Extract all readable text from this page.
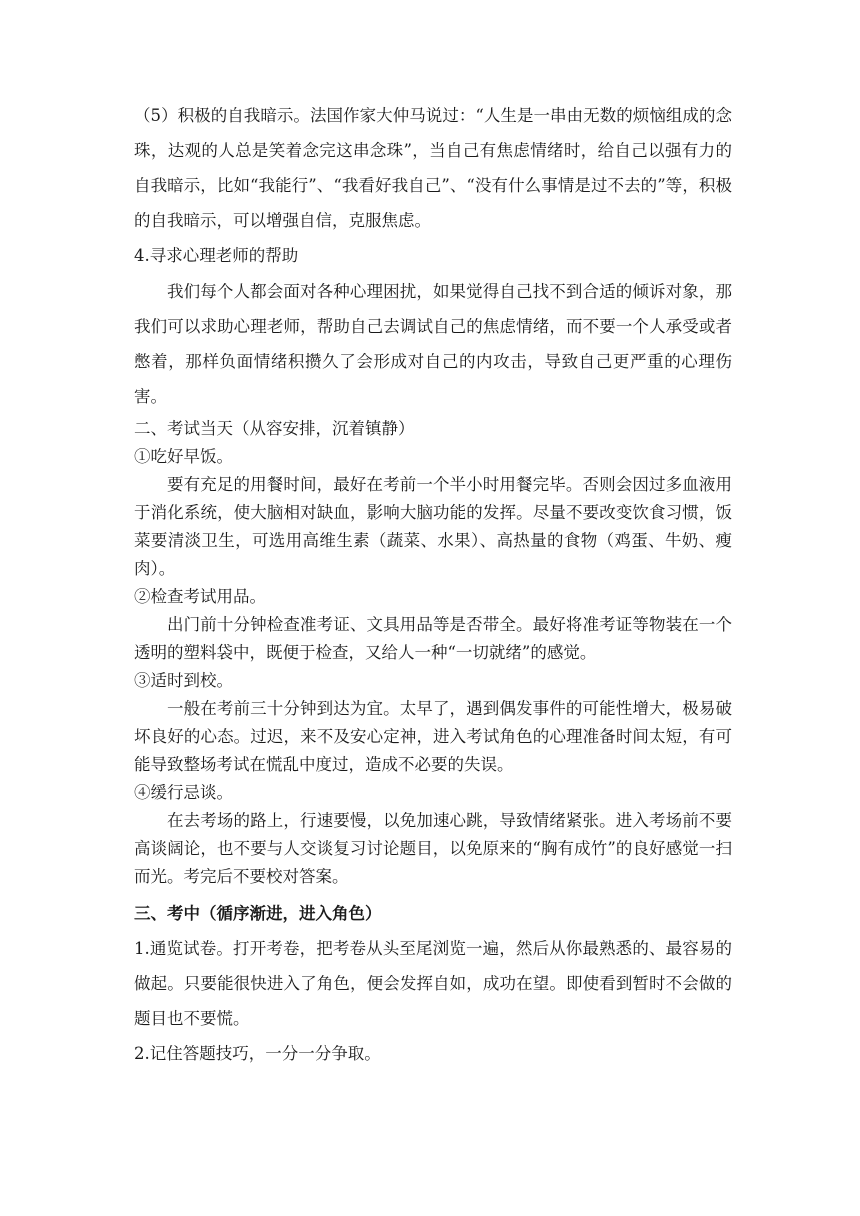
（5）积极的自我暗示。法国作家大仲马说过：“人生是一串由无数的烦恼组成的念珠，达观的人总是笑着念完这串念珠”，当自己有焦虑情绪时，给自己以强有力的自我暗示，比如“我能行”、“我看好我自己”、“没有什么事情是过不去的”等，积极的自我暗示，可以增强自信，克服焦虑。

4.寻求心理老师的帮助

我们每个人都会面对各种心理困扰，如果觉得自己找不到合适的倾诉对象，那我们可以求助心理老师，帮助自己去调试自己的焦虑情绪，而不要一个人承受或者憋着，那样负面情绪积攒久了会形成对自己的内攻击，导致自己更严重的心理伤害。

二、考试当天（从容安排，沉着镇静）

①吃好早饭。

要有充足的用餐时间，最好在考前一个半小时用餐完毕。否则会因过多血液用于消化系统，使大脑相对缺血，影响大脑功能的发挥。尽量不要改变饮食习惯，饭菜要清淡卫生，可选用高维生素（蔬菜、水果）、高热量的食物（鸡蛋、牛奶、瘦肉）。

②检查考试用品。

出门前十分钟检查准考证、文具用品等是否带全。最好将准考证等物装在一个透明的塑料袋中，既便于检查，又给人一种“一切就绪”的感觉。

③适时到校。

一般在考前三十分钟到达为宜。太早了，遇到偶发事件的可能性增大，极易破坏良好的心态。过迟，来不及安心定神，进入考试角色的心理准备时间太短，有可能导致整场考试在慌乱中度过，造成不必要的失误。

④缓行忌谈。

在去考场的路上，行速要慢，以免加速心跳，导致情绪紧张。进入考场前不要高谈阔论，也不要与人交谈复习讨论题目，以免原来的“胸有成竹”的良好感觉一扫而光。考完后不要校对答案。

三、考中（循序渐进，进入角色）

1.通览试卷。打开考卷，把考卷从头至尾浏览一遍，然后从你最熟悉的、最容易的做起。只要能很快进入了角色，便会发挥自如，成功在望。即使看到暂时不会做的题目也不要慌。

2.记住答题技巧，一分一分争取。
